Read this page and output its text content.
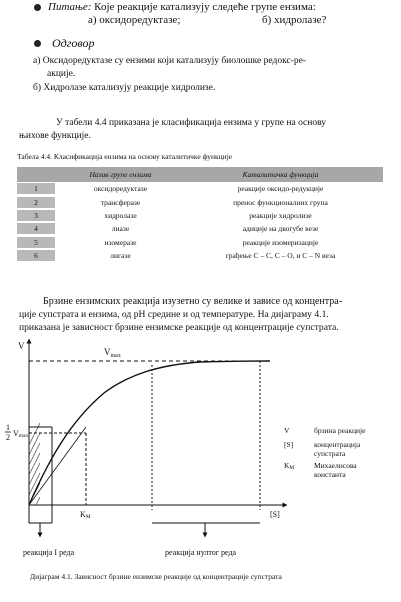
Питање: Које реакције катализују следеће групе ензима:
а) оксидоредуктазе;	б) хидролазе?
Одговор
а) Оксидоредуктазе су ензими који катализују биолошке редокс-ре-
акције.
б) Хидролазе катализују реакције хидролизе.
У табели 4.4 приказана је класификација ензима у групе на основу
њихове функције.
Табела 4.4. Класификација ензима на основу каталитичке функције
Назив групе ензима	Каталитичка функција
1	оксидоредуктазе	реакције оксидо-редукције
2	трансферазе	пренос функционалних група
3	хидролазе	реакције хидролизе
4	лиазе	адиције на двогубе везе
5	изомеразе	реакције изомеризације
6	лигазе	грађење C – C, C – O, и C – N веза
Брзине ензимских реакција изузетно су велике и зависе од концентра-
ције супстрата и ензима, од pH средине и од температуре. На дијаграму 4.1.
приказана је зависност брзине ензимске реакције од концентрације супстрата.
V
[S]
$V_{max}$
1
2 Vmax
KM
реакција I реда	реакција нултог реда
V	брзина реакције
[S]	концентрација
супстрата
KM	Михаелисова
константа
Дијаграм 4.1. Зависност брзине ензимске реакције од концентрације супстрата
